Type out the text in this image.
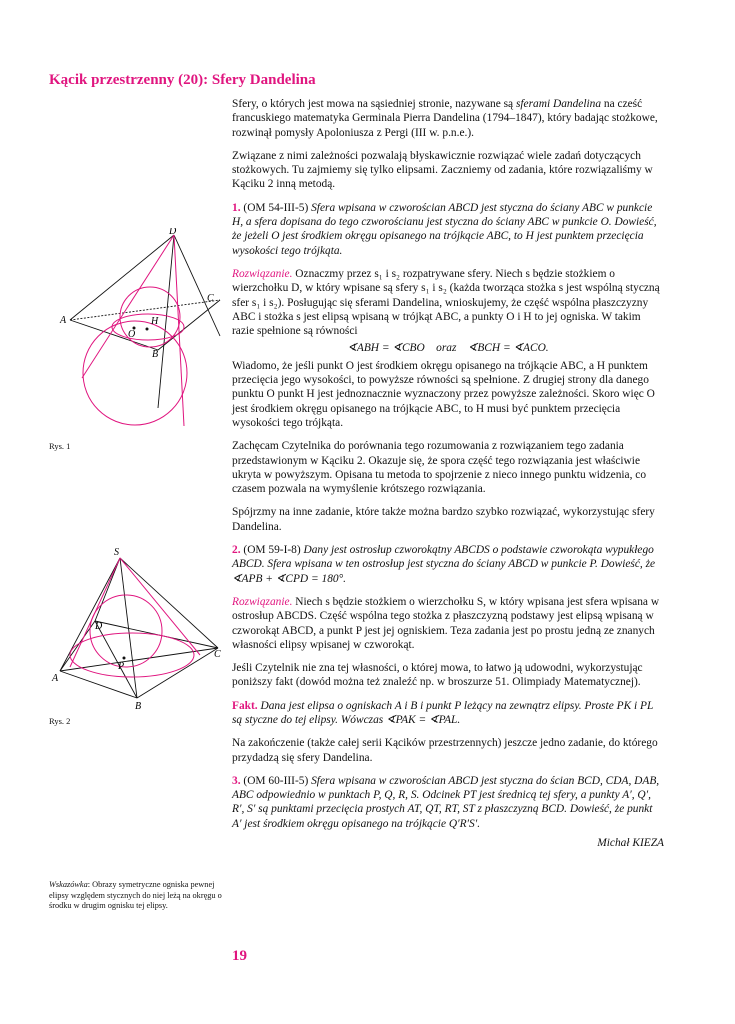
Kącik przestrzenny (20): Sfery Dandelina
D
C
A	H
O
B
Rys. 1
S
D
C
A
P
B
Rys. 2
Wskazówka: Obrazy symetryczne ogniska pewnej elipsy względem stycznych do niej leżą na okręgu o środku w drugim ognisku tej elipsy.

Sfery, o których jest mowa na sąsiedniej stronie, nazywane są sferami Dandelina na cześć francuskiego matematyka Germinala Pierra Dandelina (1794–1847), który badając stożkowe, rozwinął pomysły Apoloniusza z Pergi (III w. p.n.e.).

Związane z nimi zależności pozwalają błyskawicznie rozwiązać wiele zadań dotyczących stożkowych. Tu zajmiemy się tylko elipsami. Zaczniemy od zadania, które rozwiązaliśmy w Kąciku 2 inną metodą.

1. (OM 54-III-5) Sfera wpisana w czworościan ABCD jest styczna do ściany ABC w punkcie H, a sfera dopisana do tego czworościanu jest styczna do ściany ABC w punkcie O. Dowieść, że jeżeli O jest środkiem okręgu opisanego na trójkącie ABC, to H jest punktem przecięcia wysokości tego trójkąta.

Rozwiązanie. Oznaczmy przez s₁ i s₂ rozpatrywane sfery. Niech s będzie stożkiem o wierzchołku D, w który wpisane są sfery s₁ i s₂ (każda tworząca stożka s jest wspólną styczną sfer s₁ i s₂). Posługując się sferami Dandelina, wnioskujemy, że część wspólna płaszczyzny ABC i stożka s jest elipsą wpisaną w trójkąt ABC, a punkty O i H to jej ogniska. W takim razie spełnione są równości

∢ABH = ∢CBO    oraz    ∢BCH = ∢ACO.

Wiadomo, że jeśli punkt O jest środkiem okręgu opisanego na trójkącie ABC, a H punktem przecięcia jego wysokości, to powyższe równości są spełnione. Z drugiej strony dla danego punktu O punkt H jest jednoznacznie wyznaczony przez powyższe zależności. Skoro więc O jest środkiem okręgu opisanego na trójkącie ABC, to H musi być punktem przecięcia wysokości tego trójkąta.

Zachęcam Czytelnika do porównania tego rozumowania z rozwiązaniem tego zadania przedstawionym w Kąciku 2. Okazuje się, że spora część tego rozwiązania jest właściwie ukryta w powyższym. Opisana tu metoda to spojrzenie z nieco innego punktu widzenia, co czasem pozwala na wymyślenie krótszego rozwiązania.

Spójrzmy na inne zadanie, które także można bardzo szybko rozwiązać, wykorzystując sfery Dandelina.

2. (OM 59-I-8) Dany jest ostrosłup czworokątny ABCDS o podstawie czworokąta wypukłego ABCD. Sfera wpisana w ten ostrosłup jest styczna do ściany ABCD w punkcie P. Dowieść, że ∢APB + ∢CPD = 180°.

Rozwiązanie. Niech s będzie stożkiem o wierzchołku S, w który wpisana jest sfera wpisana w ostrosłup ABCDS. Część wspólna tego stożka z płaszczyzną podstawy jest elipsą wpisaną w czworokąt ABCD, a punkt P jest jej ogniskiem. Teza zadania jest po prostu jedną ze znanych własności elipsy wpisanej w czworokąt.

Jeśli Czytelnik nie zna tej własności, o której mowa, to łatwo ją udowodni, wykorzystując poniższy fakt (dowód można też znaleźć np. w broszurze 51. Olimpiady Matematycznej).

Fakt. Dana jest elipsa o ogniskach A i B i punkt P leżący na zewnątrz elipsy. Proste PK i PL są styczne do tej elipsy. Wówczas ∢PAK = ∢PAL.

Na zakończenie (także całej serii Kącików przestrzennych) jeszcze jedno zadanie, do którego przydadzą się sfery Dandelina.

3. (OM 60-III-5) Sfera wpisana w czworościan ABCD jest styczna do ścian BCD, CDA, DAB, ABC odpowiednio w punktach P, Q, R, S. Odcinek PT jest średnicą tej sfery, a punkty A′, Q′, R′, S′ są punktami przecięcia prostych AT, QT, RT, ST z płaszczyzną BCD. Dowieść, że punkt A′ jest środkiem okręgu opisanego na trójkącie Q′R′S′.

Michał KIEZA
19
